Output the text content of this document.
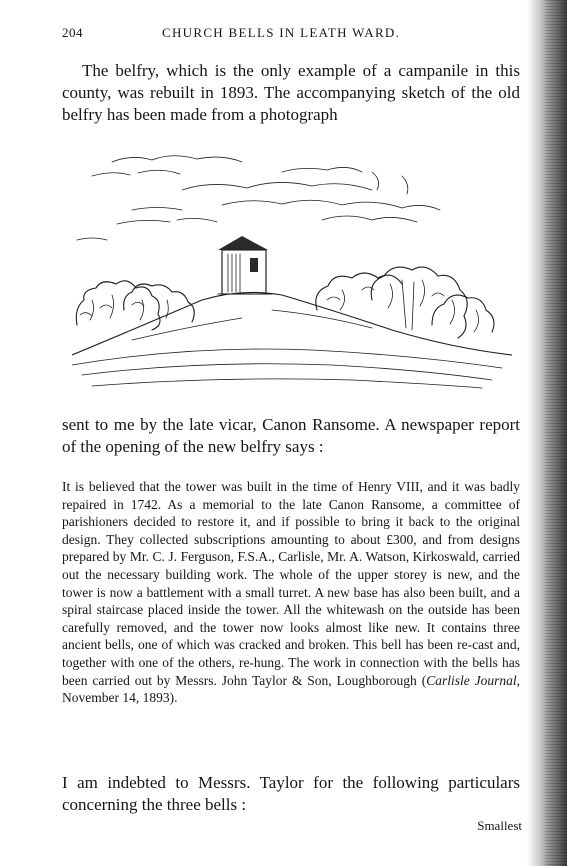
204	CHURCH BELLS IN LEATH WARD.

The belfry, which is the only example of a campanile in this county, was rebuilt in 1893. The accompanying sketch of the old belfry has been made from a photograph

sent to me by the late vicar, Canon Ransome. A newspaper report of the opening of the new belfry says :

It is believed that the tower was built in the time of Henry VIII, and it was badly repaired in 1742. As a memorial to the late Canon Ransome, a committee of parishioners decided to restore it, and if possible to bring it back to the original design. They collected subscriptions amounting to about £300, and from designs prepared by Mr. C. J. Ferguson, F.S.A., Carlisle, Mr. A. Watson, Kirkoswald, carried out the necessary building work. The whole of the upper storey is new, and the tower is now a battlement with a small turret. A new base has also been built, and a spiral staircase placed inside the tower. All the whitewash on the outside has been carefully removed, and the tower now looks almost like new. It contains three ancient bells, one of which was cracked and broken. This bell has been re-cast and, together with one of the others, re-hung. The work in connection with the bells has been carried out by Messrs. John Taylor & Son, Loughborough (Carlisle Journal, November 14, 1893).

I am indebted to Messrs. Taylor for the following particulars concerning the three bells :

Smallest
